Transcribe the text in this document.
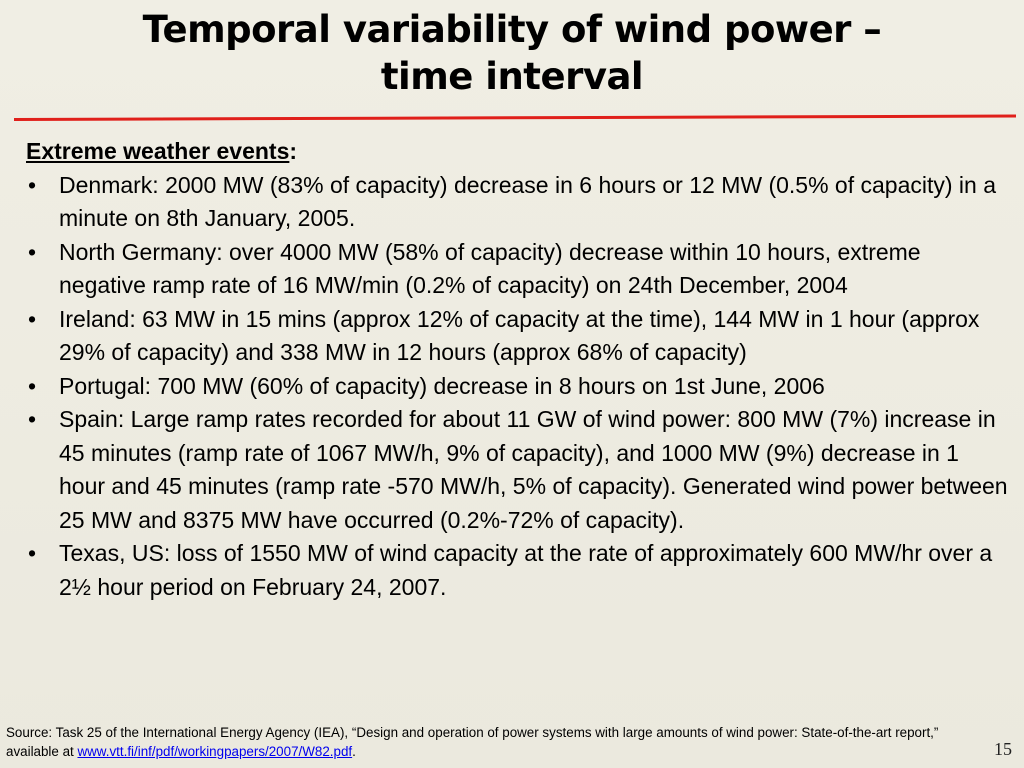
Temporal variability of wind power –
time interval
Extreme weather events:
• Denmark: 2000 MW (83% of capacity) decrease in 6 hours or 12 MW (0.5% of capacity) in a minute on 8th January, 2005.
• North Germany: over 4000 MW (58% of capacity) decrease within 10 hours, extreme negative ramp rate of 16 MW/min (0.2% of capacity) on 24th December, 2004
• Ireland: 63 MW in 15 mins (approx 12% of capacity at the time), 144 MW in 1 hour (approx 29% of capacity) and 338 MW in 12 hours (approx 68% of capacity)
• Portugal: 700 MW (60% of capacity) decrease in 8 hours on 1st June, 2006
• Spain: Large ramp rates recorded for about 11 GW of wind power: 800 MW (7%) increase in 45 minutes (ramp rate of 1067 MW/h, 9% of capacity), and 1000 MW (9%) decrease in 1 hour and 45 minutes (ramp rate -570 MW/h, 5% of capacity). Generated wind power between 25 MW and 8375 MW have occurred (0.2%-72% of capacity).
• Texas, US: loss of 1550 MW of wind capacity at the rate of approximately 600 MW/hr over a 2½ hour period on February 24, 2007.
Source: Task 25 of the International Energy Agency (IEA), “Design and operation of power systems with large amounts of wind power: State-of-the-art report,” available at www.vtt.fi/inf/pdf/workingpapers/2007/W82.pdf.	15
